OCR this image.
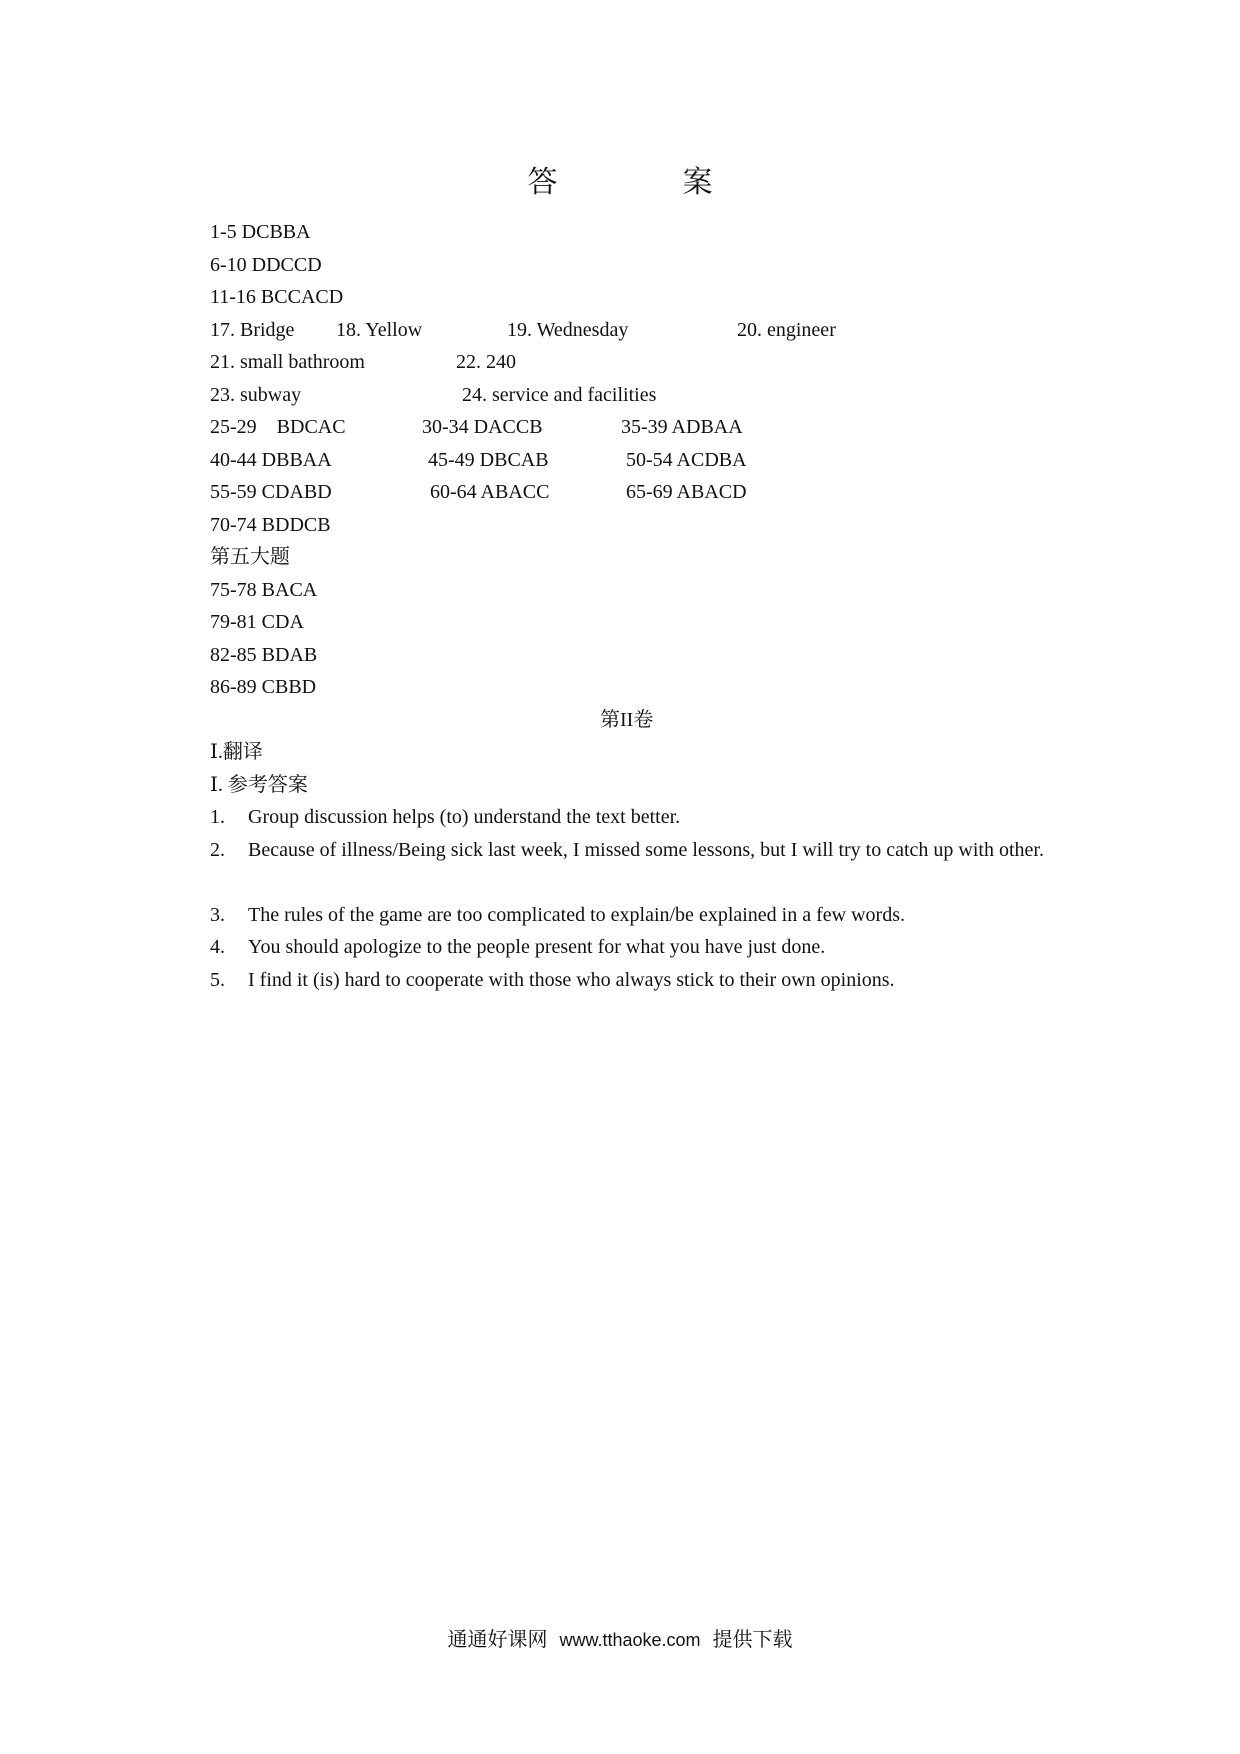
答	案
1-5 DCBBA
6-10 DDCCD
11-16 BCCACD
17. Bridge 18. Yellow	19. Wednesday	20. engineer
21. small bathroom	22. 240
23. subway	24. service and facilities
25-29    BDCAC	30-34 DACCB	35-39 ADBAA
40-44 DBBAA	45-49 DBCAB	50-54 ACDBA
55-59 CDABD	60-64 ABACC	65-69 ABACD
70-74 BDDCB
第五大题
75-78 BACA
79-81 CDA
82-85 BDAB
86-89 CBBD
第II卷
Ⅰ.翻译
Ⅰ. 参考答案
1.	Group discussion helps (to) understand the text better.
2.	Because of illness/Being sick last week, I missed some lessons, but I will try to catch up with other.
3.	The rules of the game are too complicated to explain/be explained in a few words.
4.	You should apologize to the people present for what you have just done.
5.	I find it (is) hard to cooperate with those who always stick to their own opinions.
通通好课网 www.tthaoke.com 提供下载
